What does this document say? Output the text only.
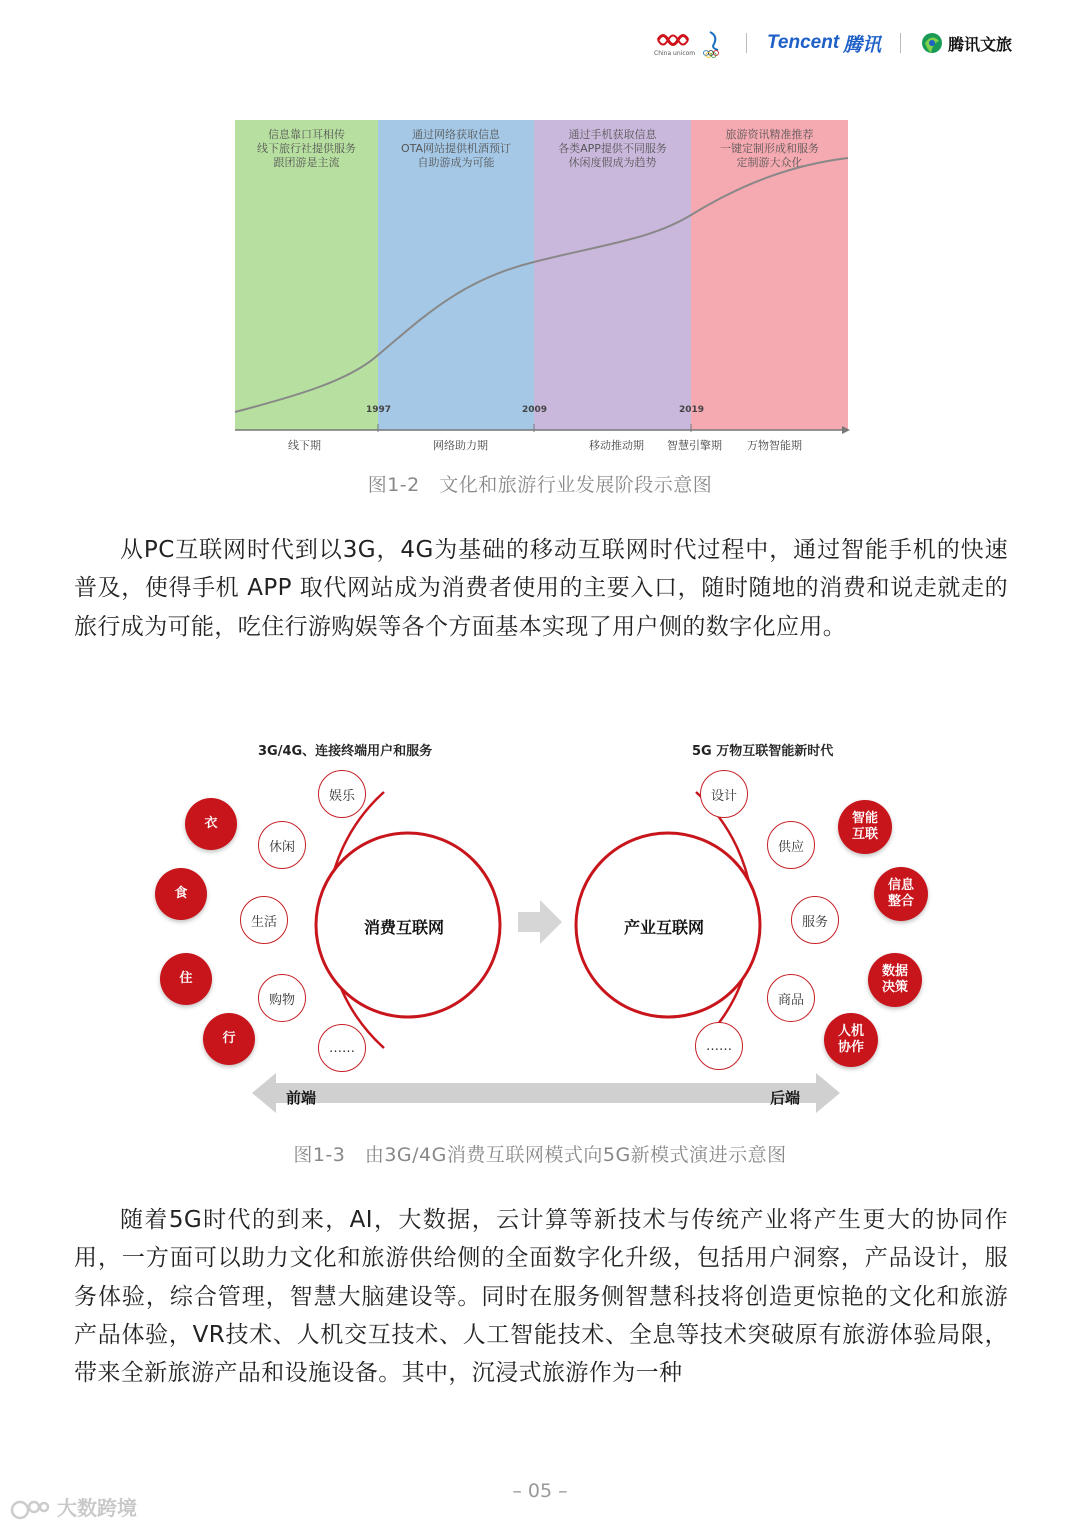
China unicom
Tencent 腾讯	腾讯文旅
信息靠口耳相传
线下旅行社提供服务
跟团游是主流
通过网络获取信息
OTA网站提供机酒预订
自助游成为可能
通过手机获取信息
各类APP提供不同服务
休闲度假成为趋势
旅游资讯精准推荐
一键定制形成和服务
定制游大众化
1997	2009	2019
线下期	网络助力期	移动推动期 智慧引擎期 万物智能期
图1-2　文化和旅游行业发展阶段示意图
从PC互联网时代到以3G，4G为基础的移动互联网时代过程中，通过智能手机的快速普及，使得手机 APP 取代网站成为消费者使用的主要入口，随时随地的消费和说走就走的旅行成为可能，吃住行游购娱等各个方面基本实现了用户侧的数字化应用。
3G/4G、连接终端用户和服务	5G 万物互联智能新时代
消费互联网	产业互联网
娱乐
休闲
生活
购物
……
衣
食
住
行
设计
供应
服务
商品
……
智能
互联
信息
整合
数据
决策
人机
协作
前端	后端
图1-3　由3G/4G消费互联网模式向5G新模式演进示意图
随着5G时代的到来，AI，大数据，云计算等新技术与传统产业将产生更大的协同作用，一方面可以助力文化和旅游供给侧的全面数字化升级，包括用户洞察，产品设计，服务体验，综合管理，智慧大脑建设等。同时在服务侧智慧科技将创造更惊艳的文化和旅游产品体验，VR技术、人机交互技术、人工智能技术、全息等技术突破原有旅游体验局限，带来全新旅游产品和设施设备。其中，沉浸式旅游作为一种
– 05 –
大数跨境
